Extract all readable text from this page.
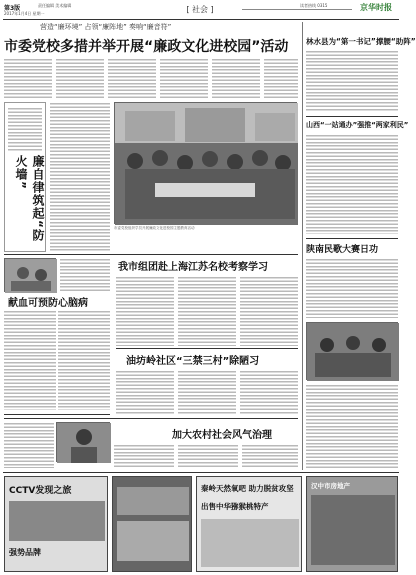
第3版
2017年1月4日 星期一
责任编辑 美术编辑	[ 社会 ]	读者热线 0315	京华时报
营造“廉环境” 占领“廉阵地” 奏响“廉音符”
市委党校多措并举开展“廉政文化进校园”活动
廉自律筑起“防火墙”
市委党校组织学员开展廉政文化进校园主题教育活动
献血可预防心脑病
我市组团赴上海江苏名校考察学习
油坊岭社区“三禁三村”除陋习
加大农村社会风气治理
林水县为“第一书记”撑腰“助阵”
山西“一站通办”强推“两家利民”
陕南民歌大赛日功
CCTV发现之旅
强势品牌
秦岭天然氧吧 助力脱贫攻坚
出售中华猕猴桃特产
汉中市房地产
